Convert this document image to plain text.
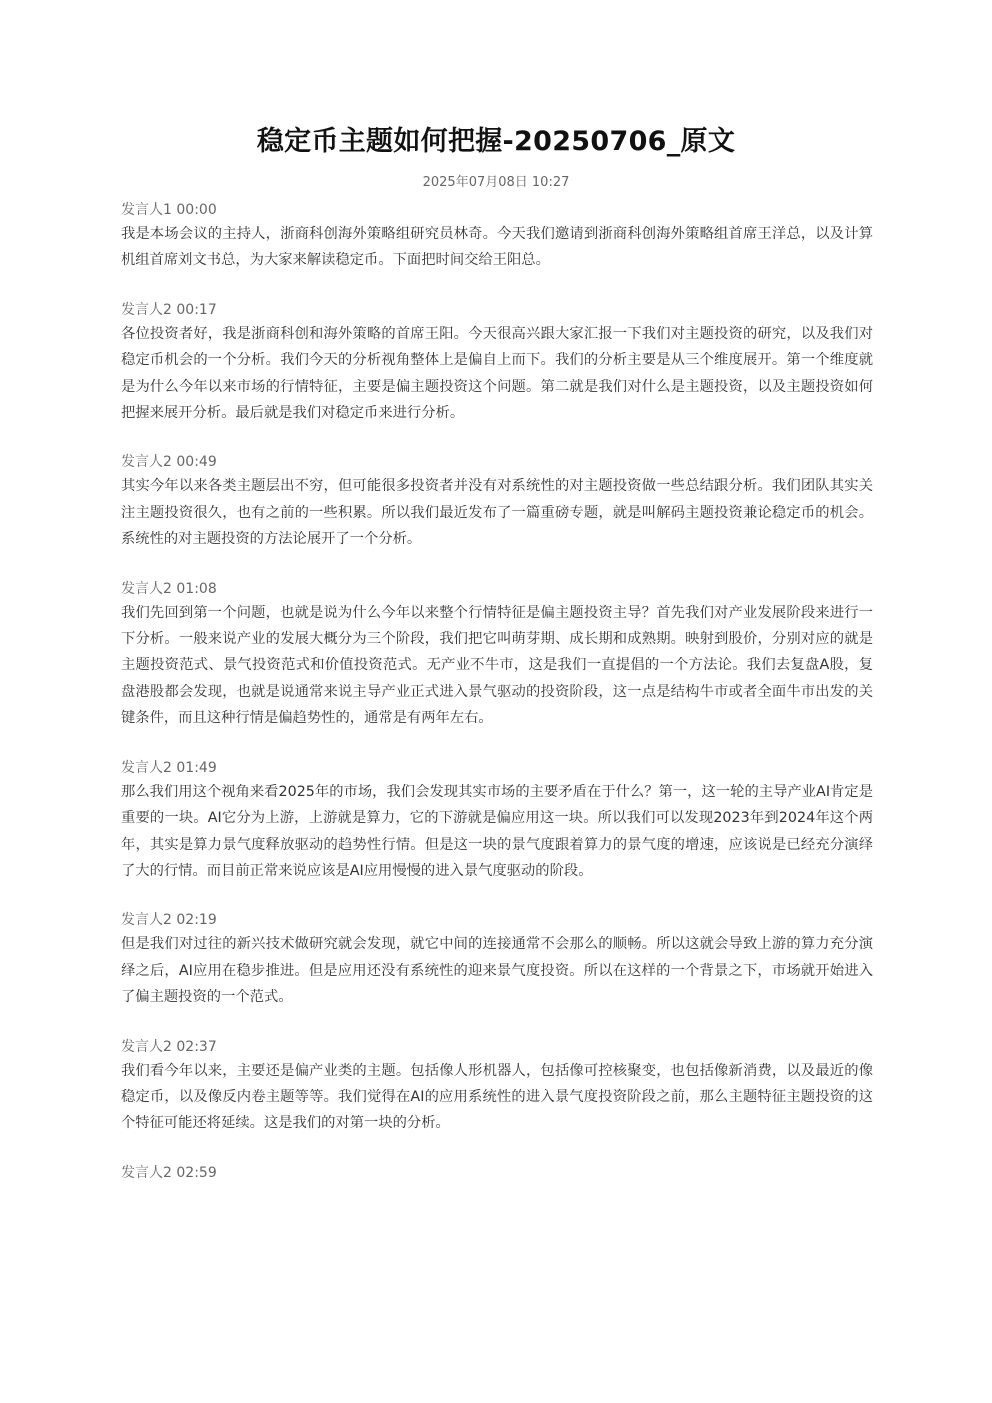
稳定币主题如何把握-20250706_原文
2025年07月08日 10:27
发言人1 00:00

我是本场会议的主持人，浙商科创海外策略组研究员林奇。今天我们邀请到浙商科创海外策略组首席王洋总，以及计算机组首席刘文书总，为大家来解读稳定币。下面把时间交给王阳总。

发言人2 00:17

各位投资者好，我是浙商科创和海外策略的首席王阳。今天很高兴跟大家汇报一下我们对主题投资的研究，以及我们对稳定币机会的一个分析。我们今天的分析视角整体上是偏自上而下。我们的分析主要是从三个维度展开。第一个维度就是为什么今年以来市场的行情特征，主要是偏主题投资这个问题。第二就是我们对什么是主题投资，以及主题投资如何把握来展开分析。最后就是我们对稳定币来进行分析。

发言人2 00:49

其实今年以来各类主题层出不穷，但可能很多投资者并没有对系统性的对主题投资做一些总结跟分析。我们团队其实关注主题投资很久，也有之前的一些积累。所以我们最近发布了一篇重磅专题，就是叫解码主题投资兼论稳定币的机会。系统性的对主题投资的方法论展开了一个分析。

发言人2 01:08

我们先回到第一个问题，也就是说为什么今年以来整个行情特征是偏主题投资主导？首先我们对产业发展阶段来进行一下分析。一般来说产业的发展大概分为三个阶段，我们把它叫萌芽期、成长期和成熟期。映射到股价，分别对应的就是主题投资范式、景气投资范式和价值投资范式。无产业不牛市，这是我们一直提倡的一个方法论。我们去复盘A股，复盘港股都会发现，也就是说通常来说主导产业正式进入景气驱动的投资阶段，这一点是结构牛市或者全面牛市出发的关键条件，而且这种行情是偏趋势性的，通常是有两年左右。

发言人2 01:49

那么我们用这个视角来看2025年的市场，我们会发现其实市场的主要矛盾在于什么？第一，这一轮的主导产业AI肯定是重要的一块。AI它分为上游，上游就是算力，它的下游就是偏应用这一块。所以我们可以发现2023年到2024年这个两年，其实是算力景气度释放驱动的趋势性行情。但是这一块的景气度跟着算力的景气度的增速，应该说是已经充分演绎了大的行情。而目前正常来说应该是AI应用慢慢的进入景气度驱动的阶段。

发言人2 02:19

但是我们对过往的新兴技术做研究就会发现，就它中间的连接通常不会那么的顺畅。所以这就会导致上游的算力充分演绎之后，AI应用在稳步推进。但是应用还没有系统性的迎来景气度投资。所以在这样的一个背景之下，市场就开始进入了偏主题投资的一个范式。

发言人2 02:37

我们看今年以来，主要还是偏产业类的主题。包括像人形机器人，包括像可控核聚变，也包括像新消费，以及最近的像稳定币，以及像反内卷主题等等。我们觉得在AI的应用系统性的进入景气度投资阶段之前，那么主题特征主题投资的这个特征可能还将延续。这是我们的对第一块的分析。

发言人2 02:59
